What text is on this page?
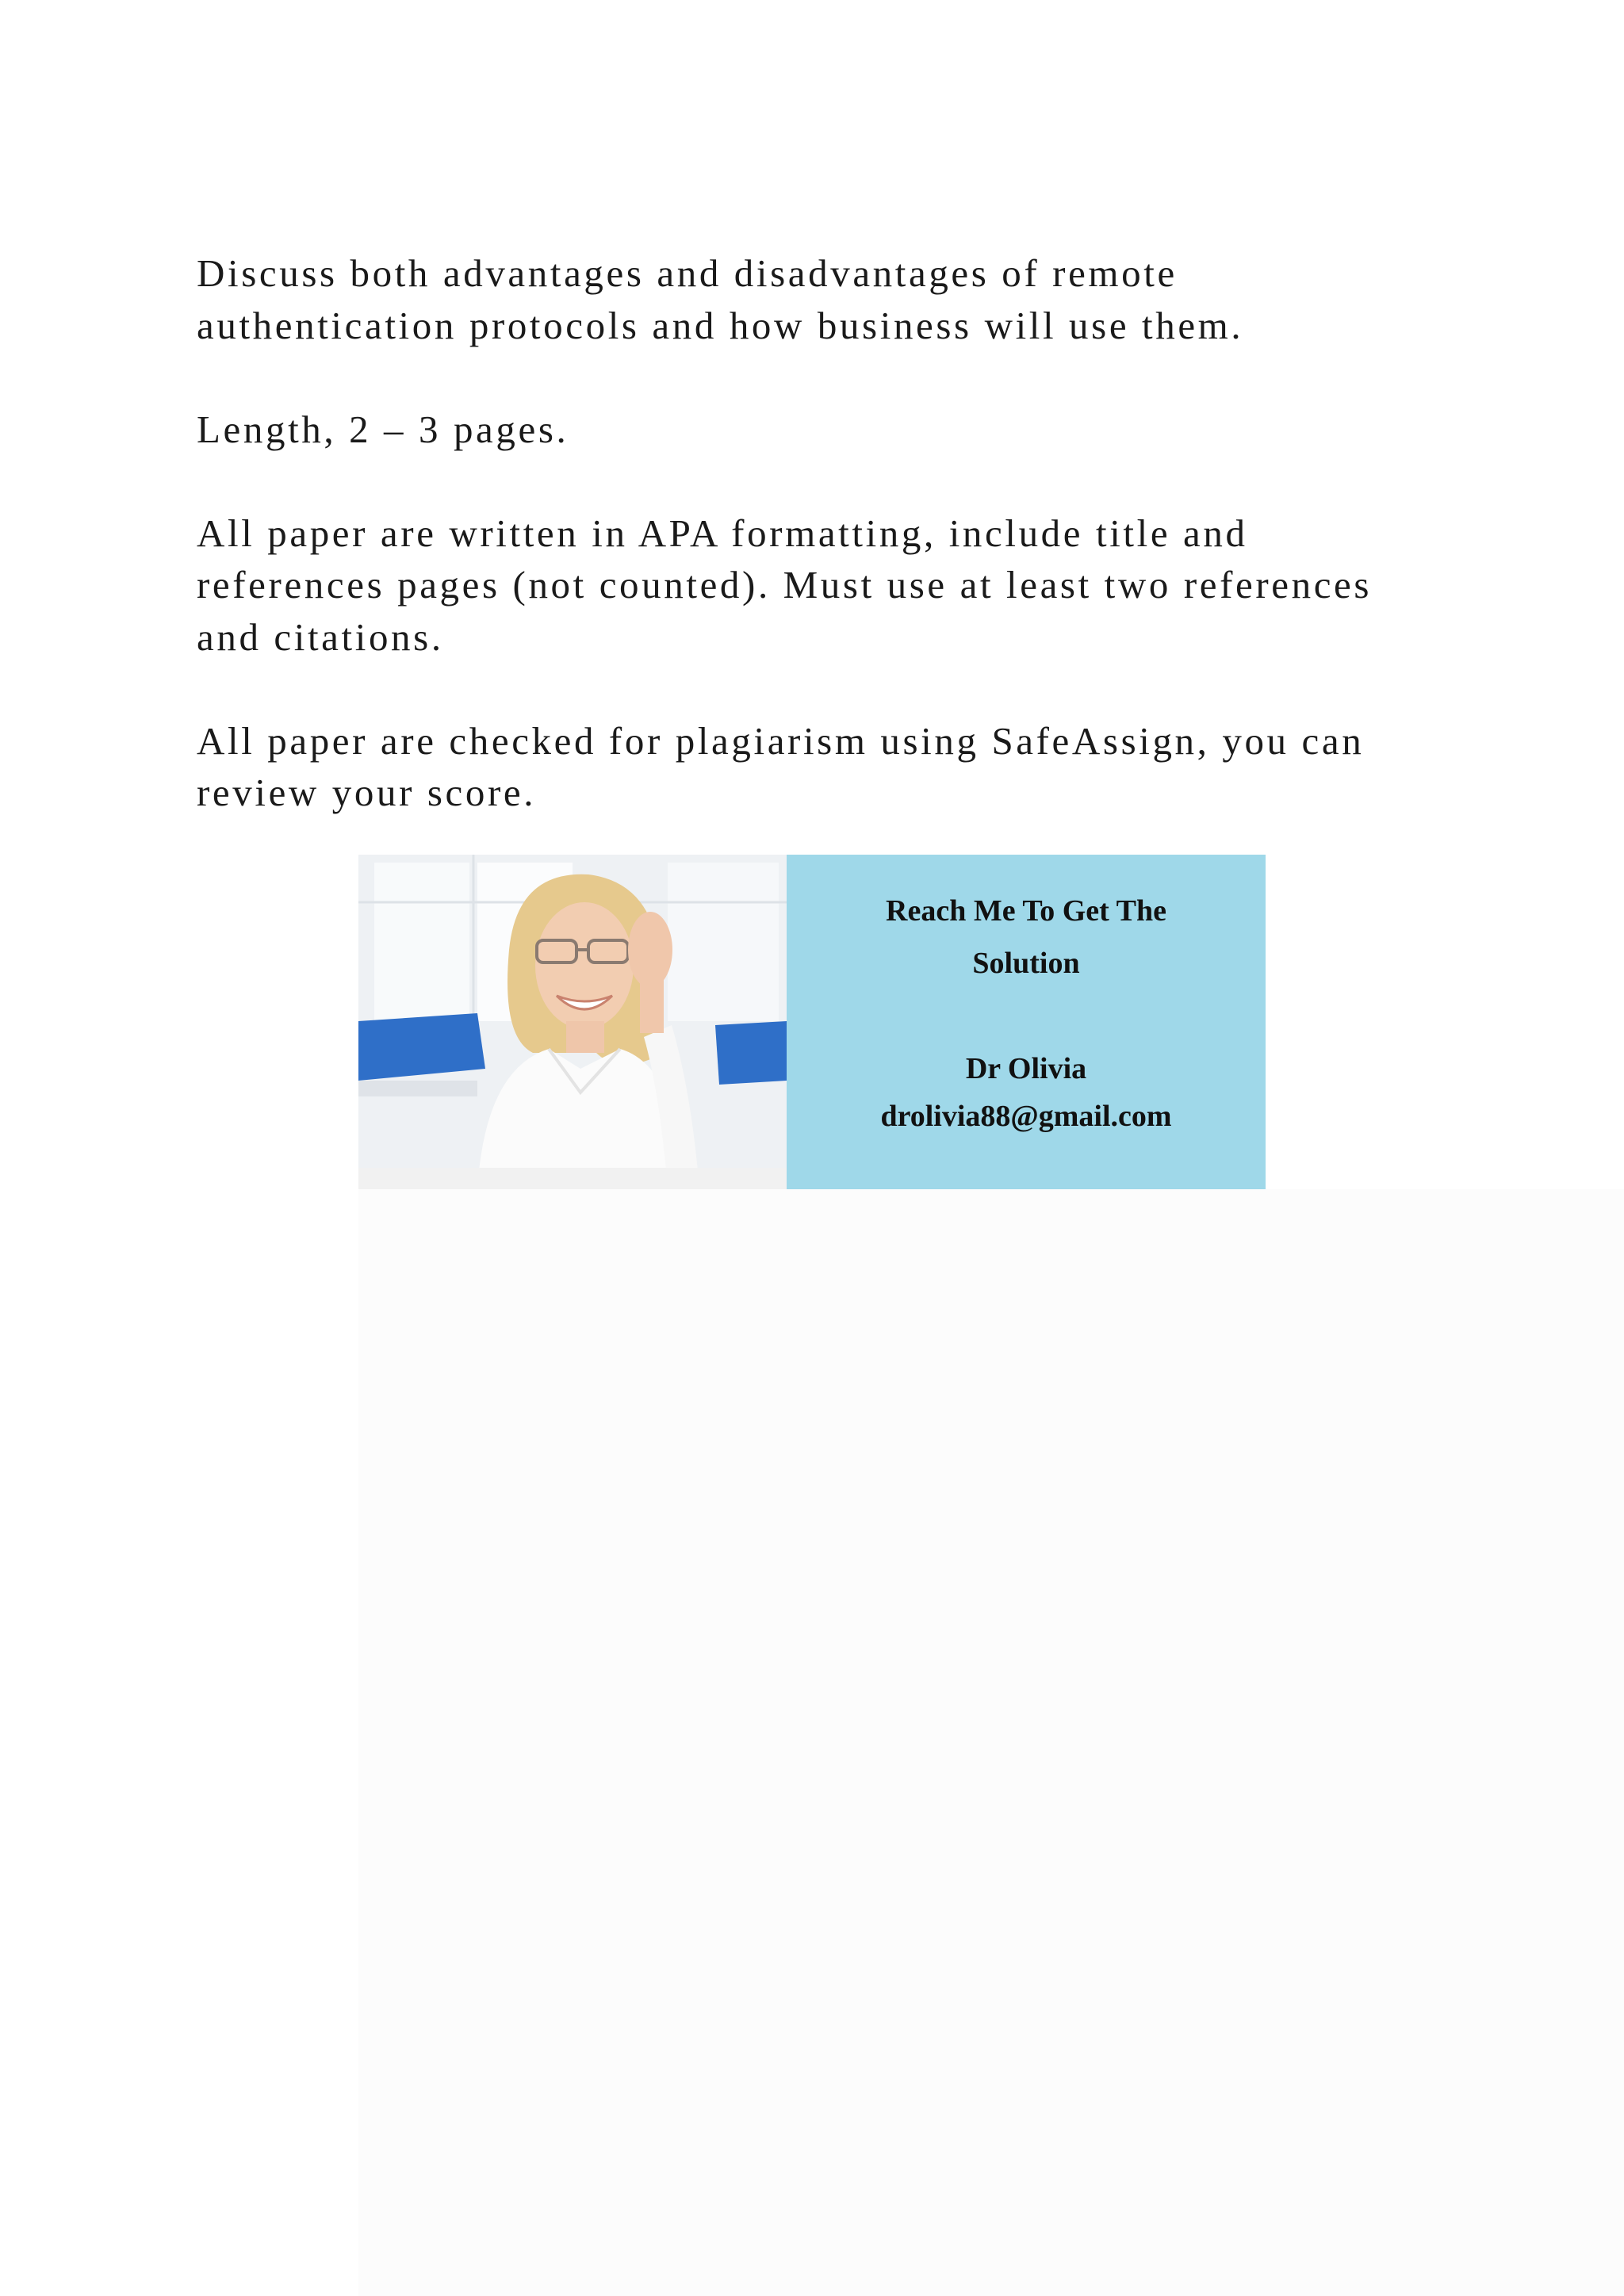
Discuss both advantages and disadvantages of remote
authentication protocols and how business will use them.

Length, 2 – 3 pages.

All paper are written in APA formatting, include title and
references pages (not counted). Must use at least two references
and citations.

All paper are checked for plagiarism using SafeAssign, you can
review your score.

Reach Me To Get The
Solution
Dr Olivia
drolivia88@gmail.com
